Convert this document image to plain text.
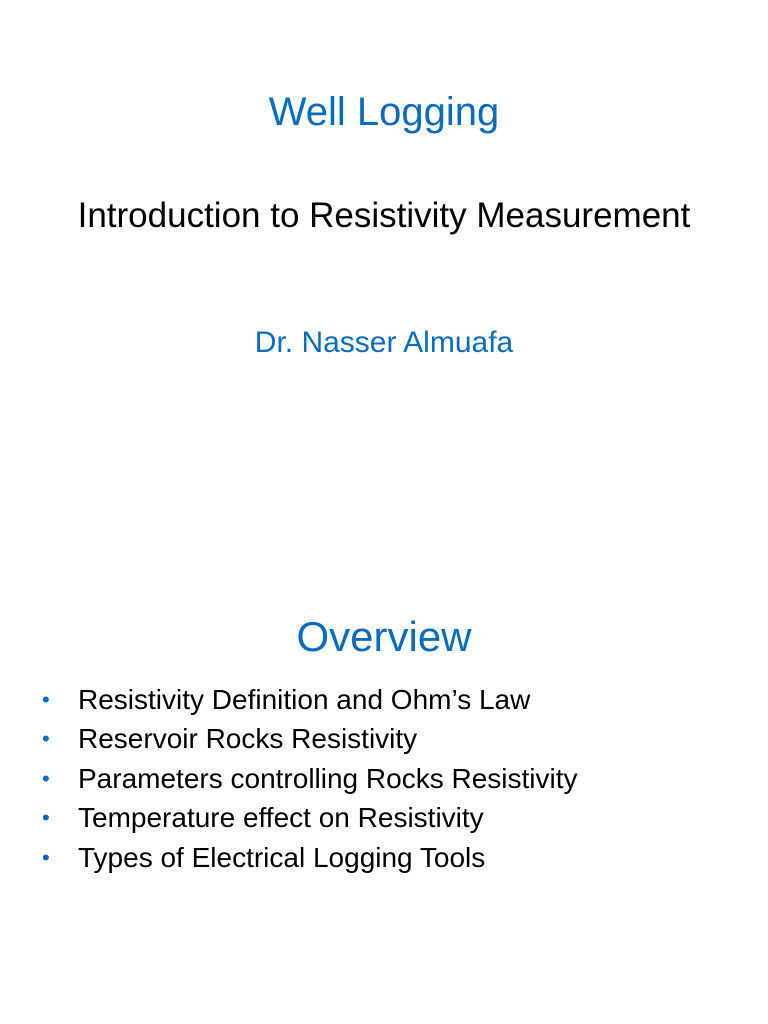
Well Logging
Introduction to Resistivity Measurement
Dr. Nasser Almuafa
Overview
•	Resistivity Definition and Ohm’s Law
•	Reservoir Rocks Resistivity
•	Parameters controlling Rocks Resistivity
•	Temperature effect on Resistivity
•	Types of Electrical Logging Tools
